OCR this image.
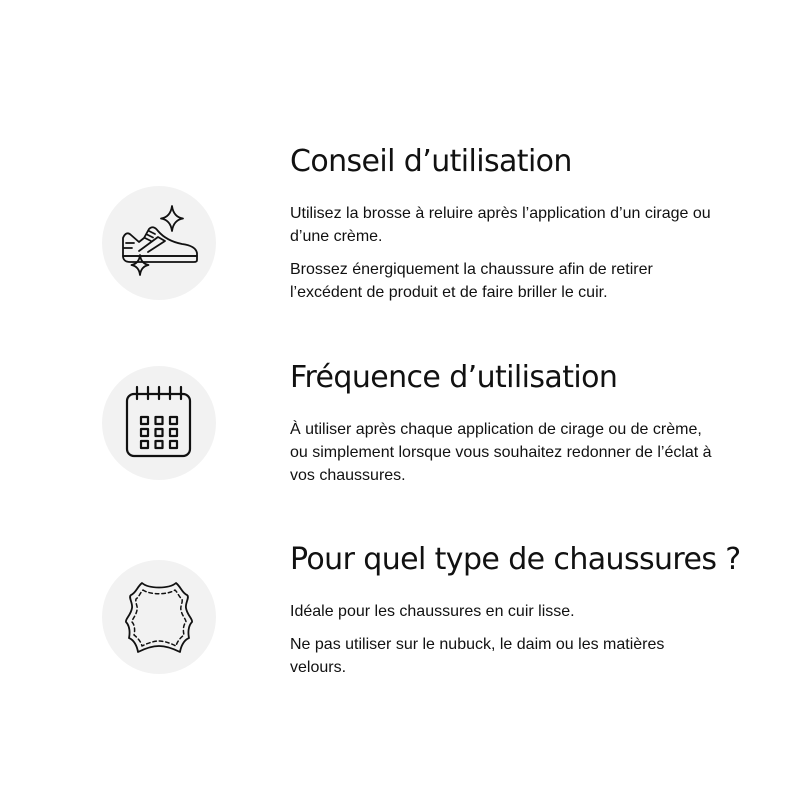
Conseil d’utilisation

Utilisez la brosse à reluire après l’application d’un cirage ou d’une crème.

Brossez énergiquement la chaussure afin de retirer l’excédent de produit et de faire briller le cuir.

Fréquence d’utilisation

À utiliser après chaque application de cirage ou de crème, ou simplement lorsque vous souhaitez redonner de l’éclat à vos chaussures.

Pour quel type de chaussures ?

Idéale pour les chaussures en cuir lisse.

Ne pas utiliser sur le nubuck, le daim ou les matières velours.
